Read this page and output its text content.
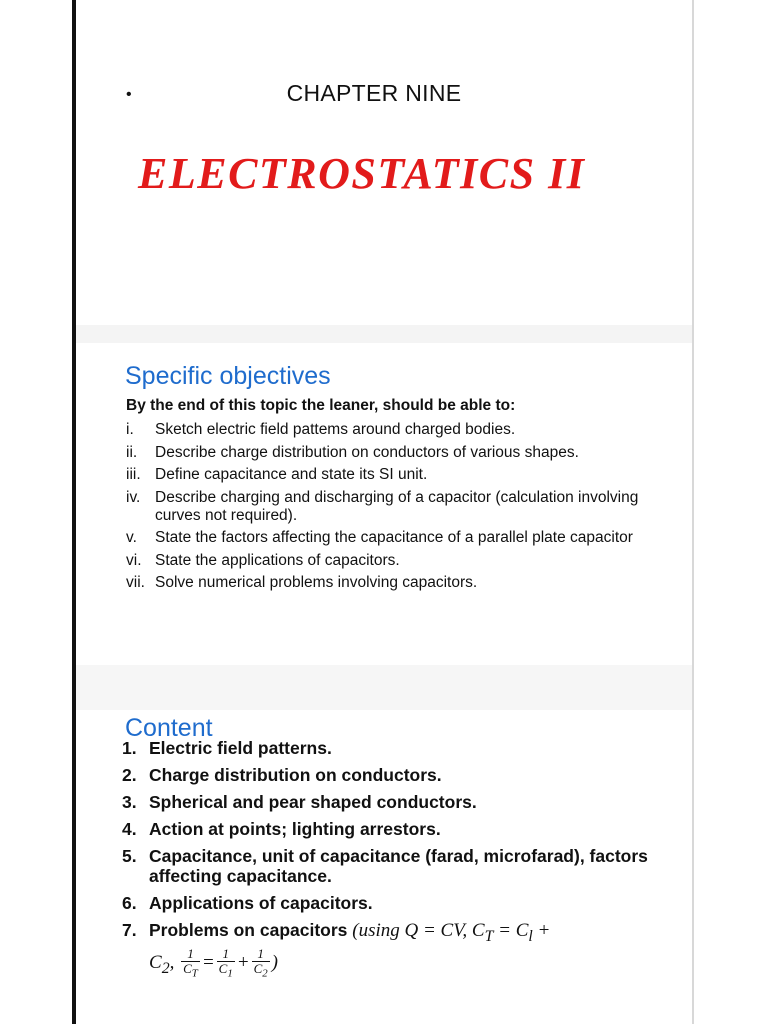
•	CHAPTER NINE
ELECTROSTATICS II
Specific objectives
By the end of this topic the leaner, should be able to:
i.	Sketch electric field pattems around charged bodies.
ii.	Describe charge distribution on conductors of various shapes.
iii. Define capacitance and state its SI unit.
iv. Describe charging and discharging of a capacitor (calculation involving curves not required).
v.	State the factors affecting the capacitance of a parallel plate capacitor
vi. State the applications of capacitors.
vii. Solve numerical problems involving capacitors.
Content
1. Electric field patterns.
2. Charge distribution on conductors.
3. Spherical and pear shaped conductors.
4. Action at points; lighting arrestors.
5. Capacitance, unit of capacitance (farad, microfarad), factors affecting capacitance.
6. Applications of capacitors.
7. Problems on capacitors (using Q = CV, $C_T = C_l$ +
$C_2$, $\frac{1}{C_T} = \frac{1}{C_1} + \frac{1}{C_2}$ )
